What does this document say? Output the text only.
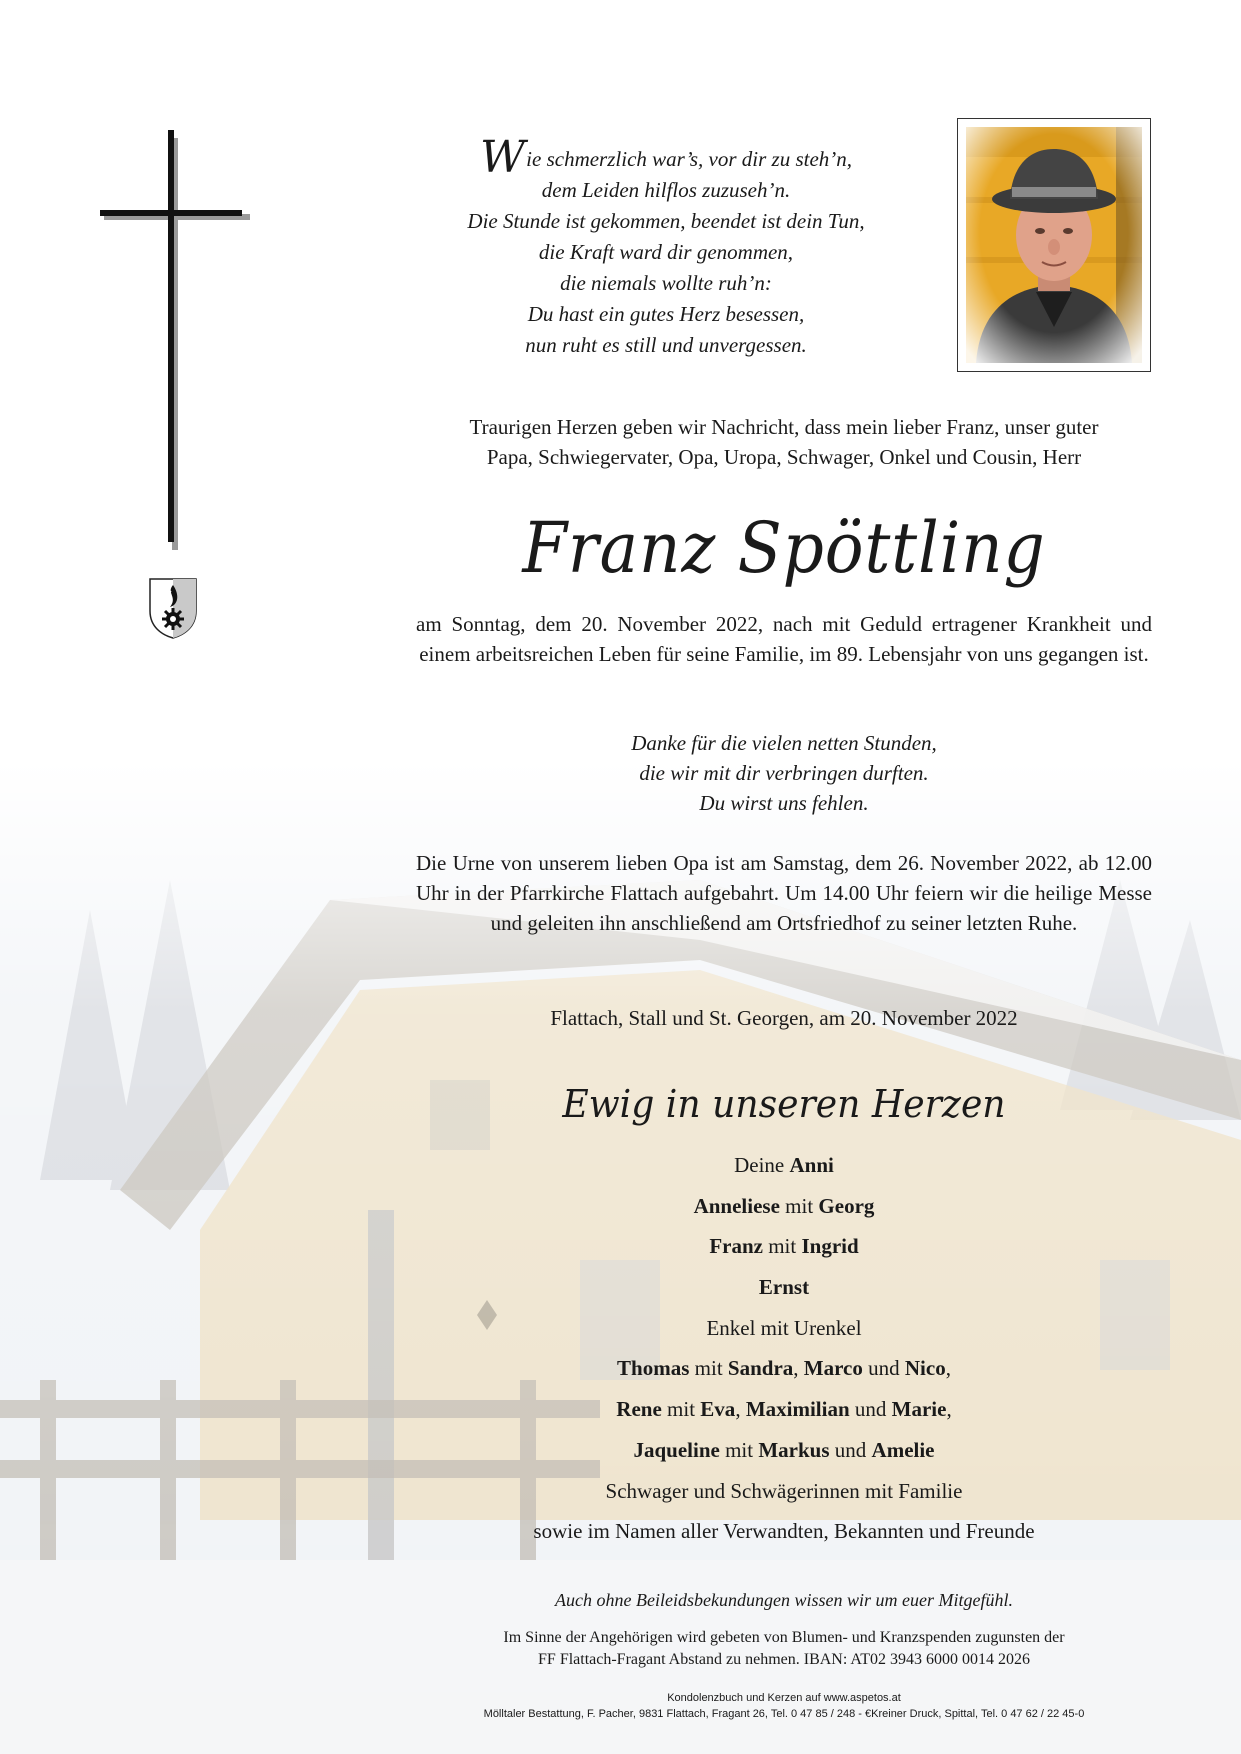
Wie schmerzlich war’s, vor dir zu steh’n,
dem Leiden hilflos zuzuseh’n.
Die Stunde ist gekommen, beendet ist dein Tun,
die Kraft ward dir genommen,
die niemals wollte ruh’n:
Du hast ein gutes Herz besessen,
nun ruht es still und unvergessen.
Traurigen Herzen geben wir Nachricht, dass mein lieber Franz, unser guter
Papa, Schwiegervater, Opa, Uropa, Schwager, Onkel und Cousin, Herr
Franz Spöttling
am Sonntag, dem 20. November 2022, nach mit Geduld ertragener Krankheit und einem arbeitsreichen Leben für seine Familie, im 89. Lebensjahr von uns gegangen ist.
Danke für die vielen netten Stunden,
die wir mit dir verbringen durften.
Du wirst uns fehlen.
Die Urne von unserem lieben Opa ist am Samstag, dem 26. November 2022, ab 12.00 Uhr in der Pfarrkirche Flattach aufgebahrt. Um 14.00 Uhr feiern wir die heilige Messe und geleiten ihn anschließend am Ortsfriedhof zu seiner letzten Ruhe.
Flattach, Stall und St. Georgen, am 20. November 2022
Ewig in unseren Herzen
Deine Anni
Anneliese mit Georg
Franz mit Ingrid
Ernst
Enkel mit Urenkel
Thomas mit Sandra, Marco und Nico,
Rene mit Eva, Maximilian und Marie,
Jaqueline mit Markus und Amelie
Schwager und Schwägerinnen mit Familie
sowie im Namen aller Verwandten, Bekannten und Freunde
Auch ohne Beileidsbekundungen wissen wir um euer Mitgefühl.
Im Sinne der Angehörigen wird gebeten von Blumen- und Kranzspenden zugunsten der
FF Flattach-Fragant Abstand zu nehmen. IBAN: AT02 3943 6000 0014 2026
Kondolenzbuch und Kerzen auf www.aspetos.at
Mölltaler Bestattung, F. Pacher, 9831 Flattach, Fragant 26, Tel. 0 47 85 / 248 - €Kreiner Druck, Spittal, Tel. 0 47 62 / 22 45-0
